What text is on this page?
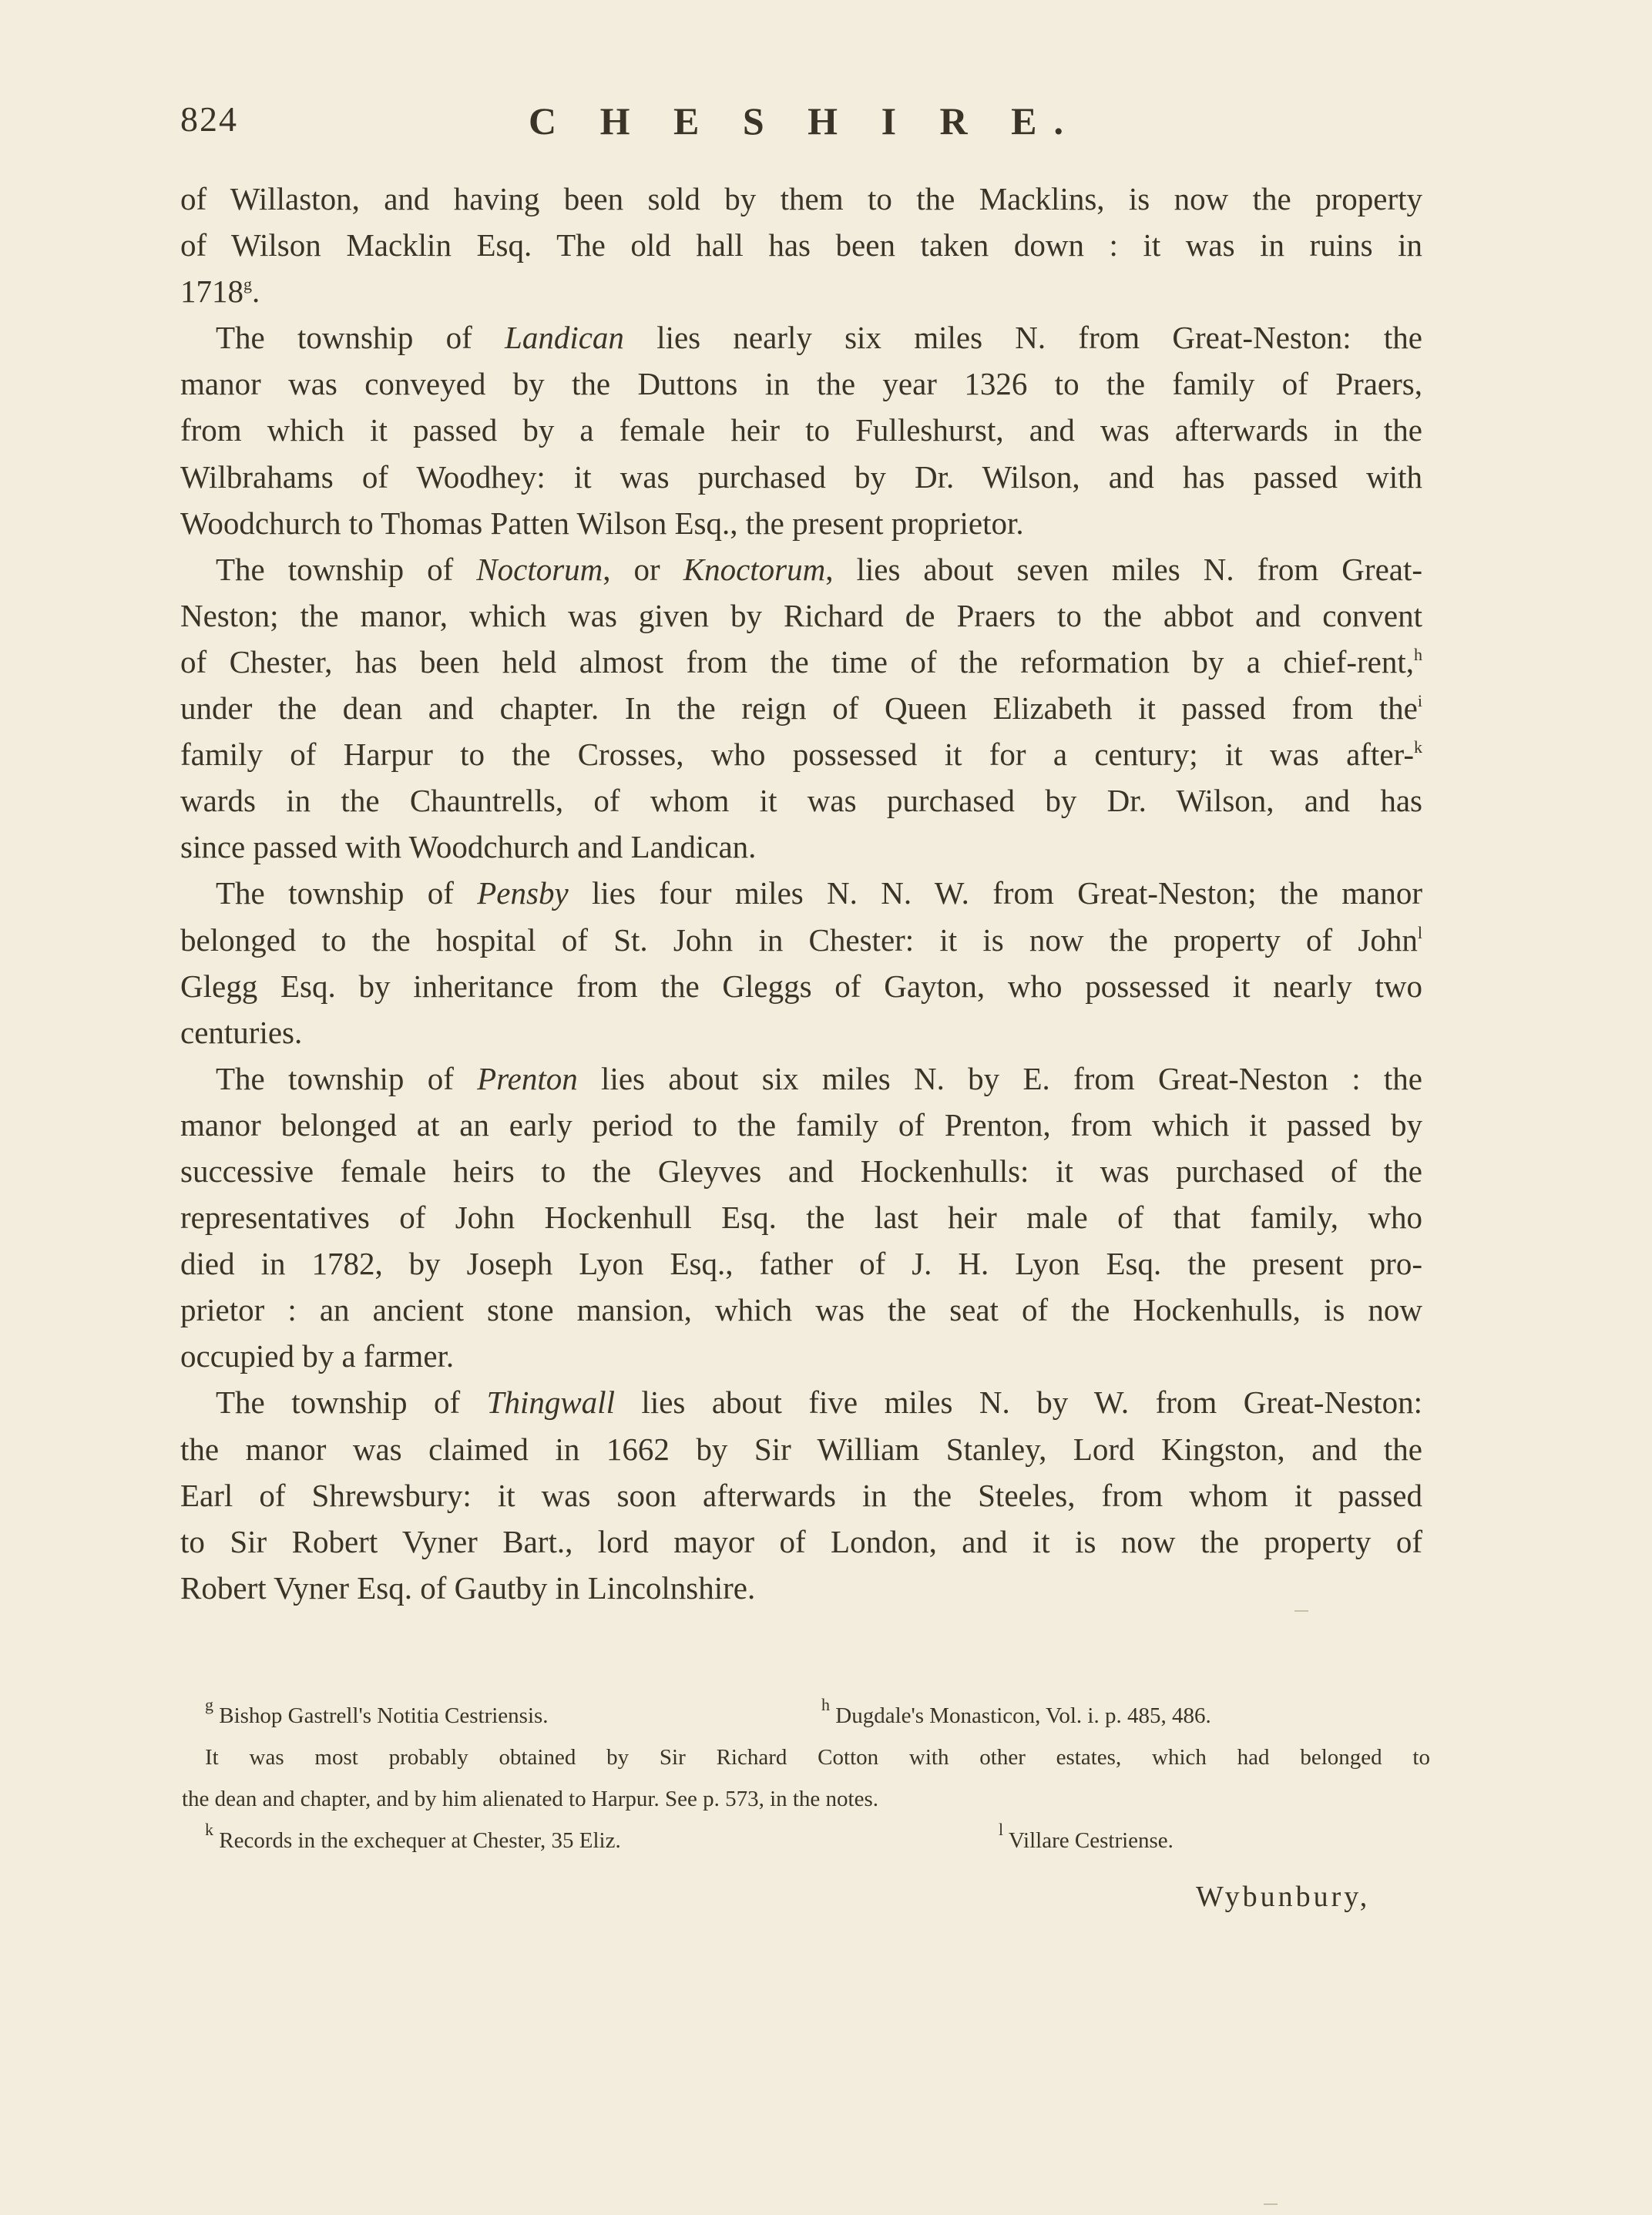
824	C H E S H I R E.
of Willaston, and having been sold by them to the Macklins, is now the property
of Wilson Macklin Esq. The old hall has been taken down : it was in ruins in
1718$^g$.
The township of Landican lies nearly six miles N. from Great-Neston: the
manor was conveyed by the Duttons in the year 1326 to the family of Praers,
from which it passed by a female heir to Fulleshurst, and was afterwards in the
Wilbrahams of Woodhey: it was purchased by Dr. Wilson, and has passed with
Woodchurch to Thomas Patten Wilson Esq., the present proprietor.
The township of Noctorum, or Knoctorum, lies about seven miles N. from Great-
Neston; the manor, which was given by Richard de Praers to the abbot and convent
of Chester, has been held almost from the time of the reformation by a chief-rent,$^h$
under the dean and chapter. In the reign of Queen Elizabeth it passed from the$^i$
family of Harpur to the Crosses, who possessed it for a century; it was after-$^k$
wards in the Chauntrells, of whom it was purchased by Dr. Wilson, and has
since passed with Woodchurch and Landican.
The township of Pensby lies four miles N. N. W. from Great-Neston; the manor
belonged to the hospital of St. John in Chester: it is now the property of John$^l$
Glegg Esq. by inheritance from the Gleggs of Gayton, who possessed it nearly two
centuries.
The township of Prenton lies about six miles N. by E. from Great-Neston : the
manor belonged at an early period to the family of Prenton, from which it passed by
successive female heirs to the Gleyves and Hockenhulls: it was purchased of the
representatives of John Hockenhull Esq. the last heir male of that family, who
died in 1782, by Joseph Lyon Esq., father of J. H. Lyon Esq. the present pro-
prietor : an ancient stone mansion, which was the seat of the Hockenhulls, is now
occupied by a farmer.
The township of Thingwall lies about five miles N. by W. from Great-Neston:
the manor was claimed in 1662 by Sir William Stanley, Lord Kingston, and the
Earl of Shrewsbury: it was soon afterwards in the Steeles, from whom it passed
to Sir Robert Vyner Bart., lord mayor of London, and it is now the property of
Robert Vyner Esq. of Gautby in Lincolnshire.
$^g$ Bishop Gastrell's Notitia Cestriensis.	$^h$ Dugdale's Monasticon, Vol. i. p. 485, 486.
It was most probably obtained by Sir Richard Cotton with other estates, which had belonged to
the dean and chapter, and by him alienated to Harpur. See p. 573, in the notes.
$^k$ Records in the exchequer at Chester, 35 Eliz.	$^l$ Villare Cestriense.
Wybunbury,
